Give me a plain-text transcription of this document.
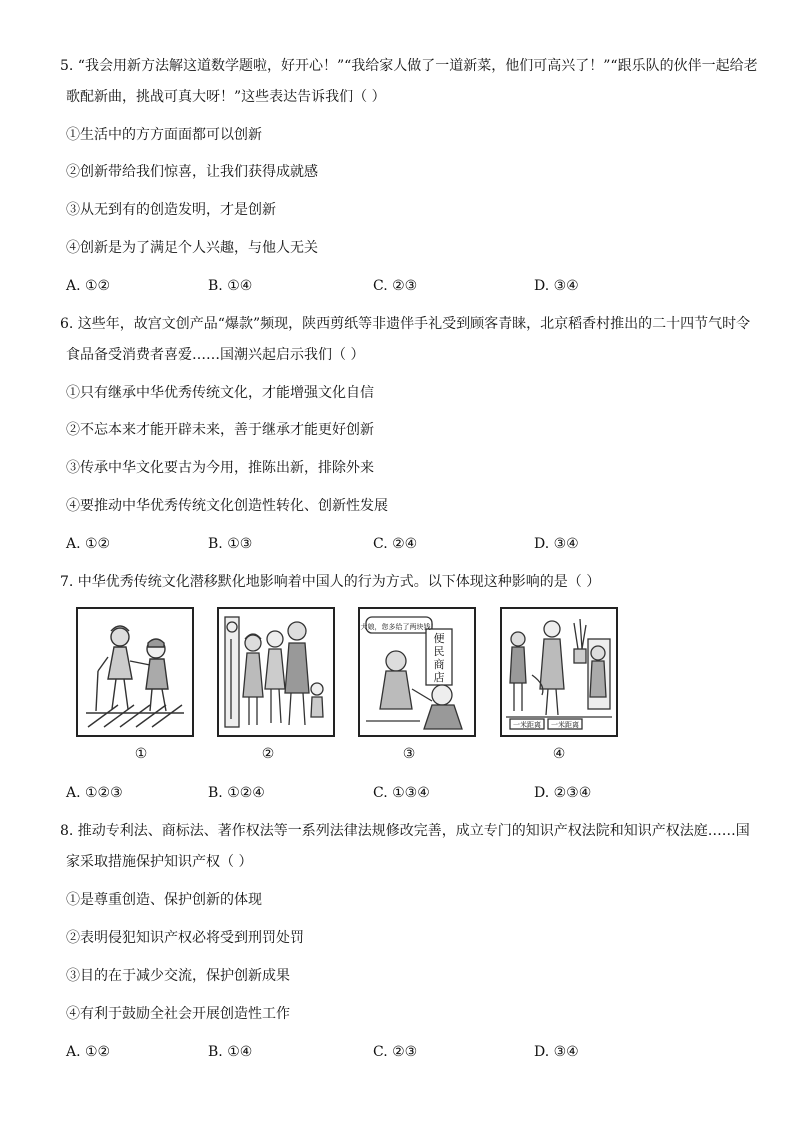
5. “我会用新方法解这道数学题啦，好开心！”“我给家人做了一道新菜，他们可高兴了！”“跟乐队的伙伴一起给老
歌配新曲，挑战可真大呀！”这些表达告诉我们（ ）
①生活中的方方面面都可以创新
②创新带给我们惊喜，让我们获得成就感
③从无到有的创造发明，才是创新
④创新是为了满足个人兴趣，与他人无关
A. ①②	B. ①④	C. ②③	D. ③④
6. 这些年，故宫文创产品“爆款”频现，陕西剪纸等非遗伴手礼受到顾客青睐，北京稻香村推出的二十四节气时令
食品备受消费者喜爱……国潮兴起启示我们（ ）
①只有继承中华优秀传统文化，才能增强文化自信
②不忘本来才能开辟未来，善于继承才能更好创新
③传承中华文化要古为今用，推陈出新，排除外来
④要推动中华优秀传统文化创造性转化、创新性发展
A. ①②	B. ①③	C. ②④	D. ③④
7. 中华优秀传统文化潜移默化地影响着中国人的行为方式。以下体现这种影响的是（ ）
大娘，您多给了两块钱！
便
民
商
店
一米距离 一米距离
①	②	③	④
A. ①②③	B. ①②④	C. ①③④	D. ②③④
8. 推动专利法、商标法、著作权法等一系列法律法规修改完善，成立专门的知识产权法院和知识产权法庭……国
家采取措施保护知识产权（ ）
①是尊重创造、保护创新的体现
②表明侵犯知识产权必将受到刑罚处罚
③目的在于减少交流，保护创新成果
④有利于鼓励全社会开展创造性工作
A. ①②	B. ①④	C. ②③	D. ③④
